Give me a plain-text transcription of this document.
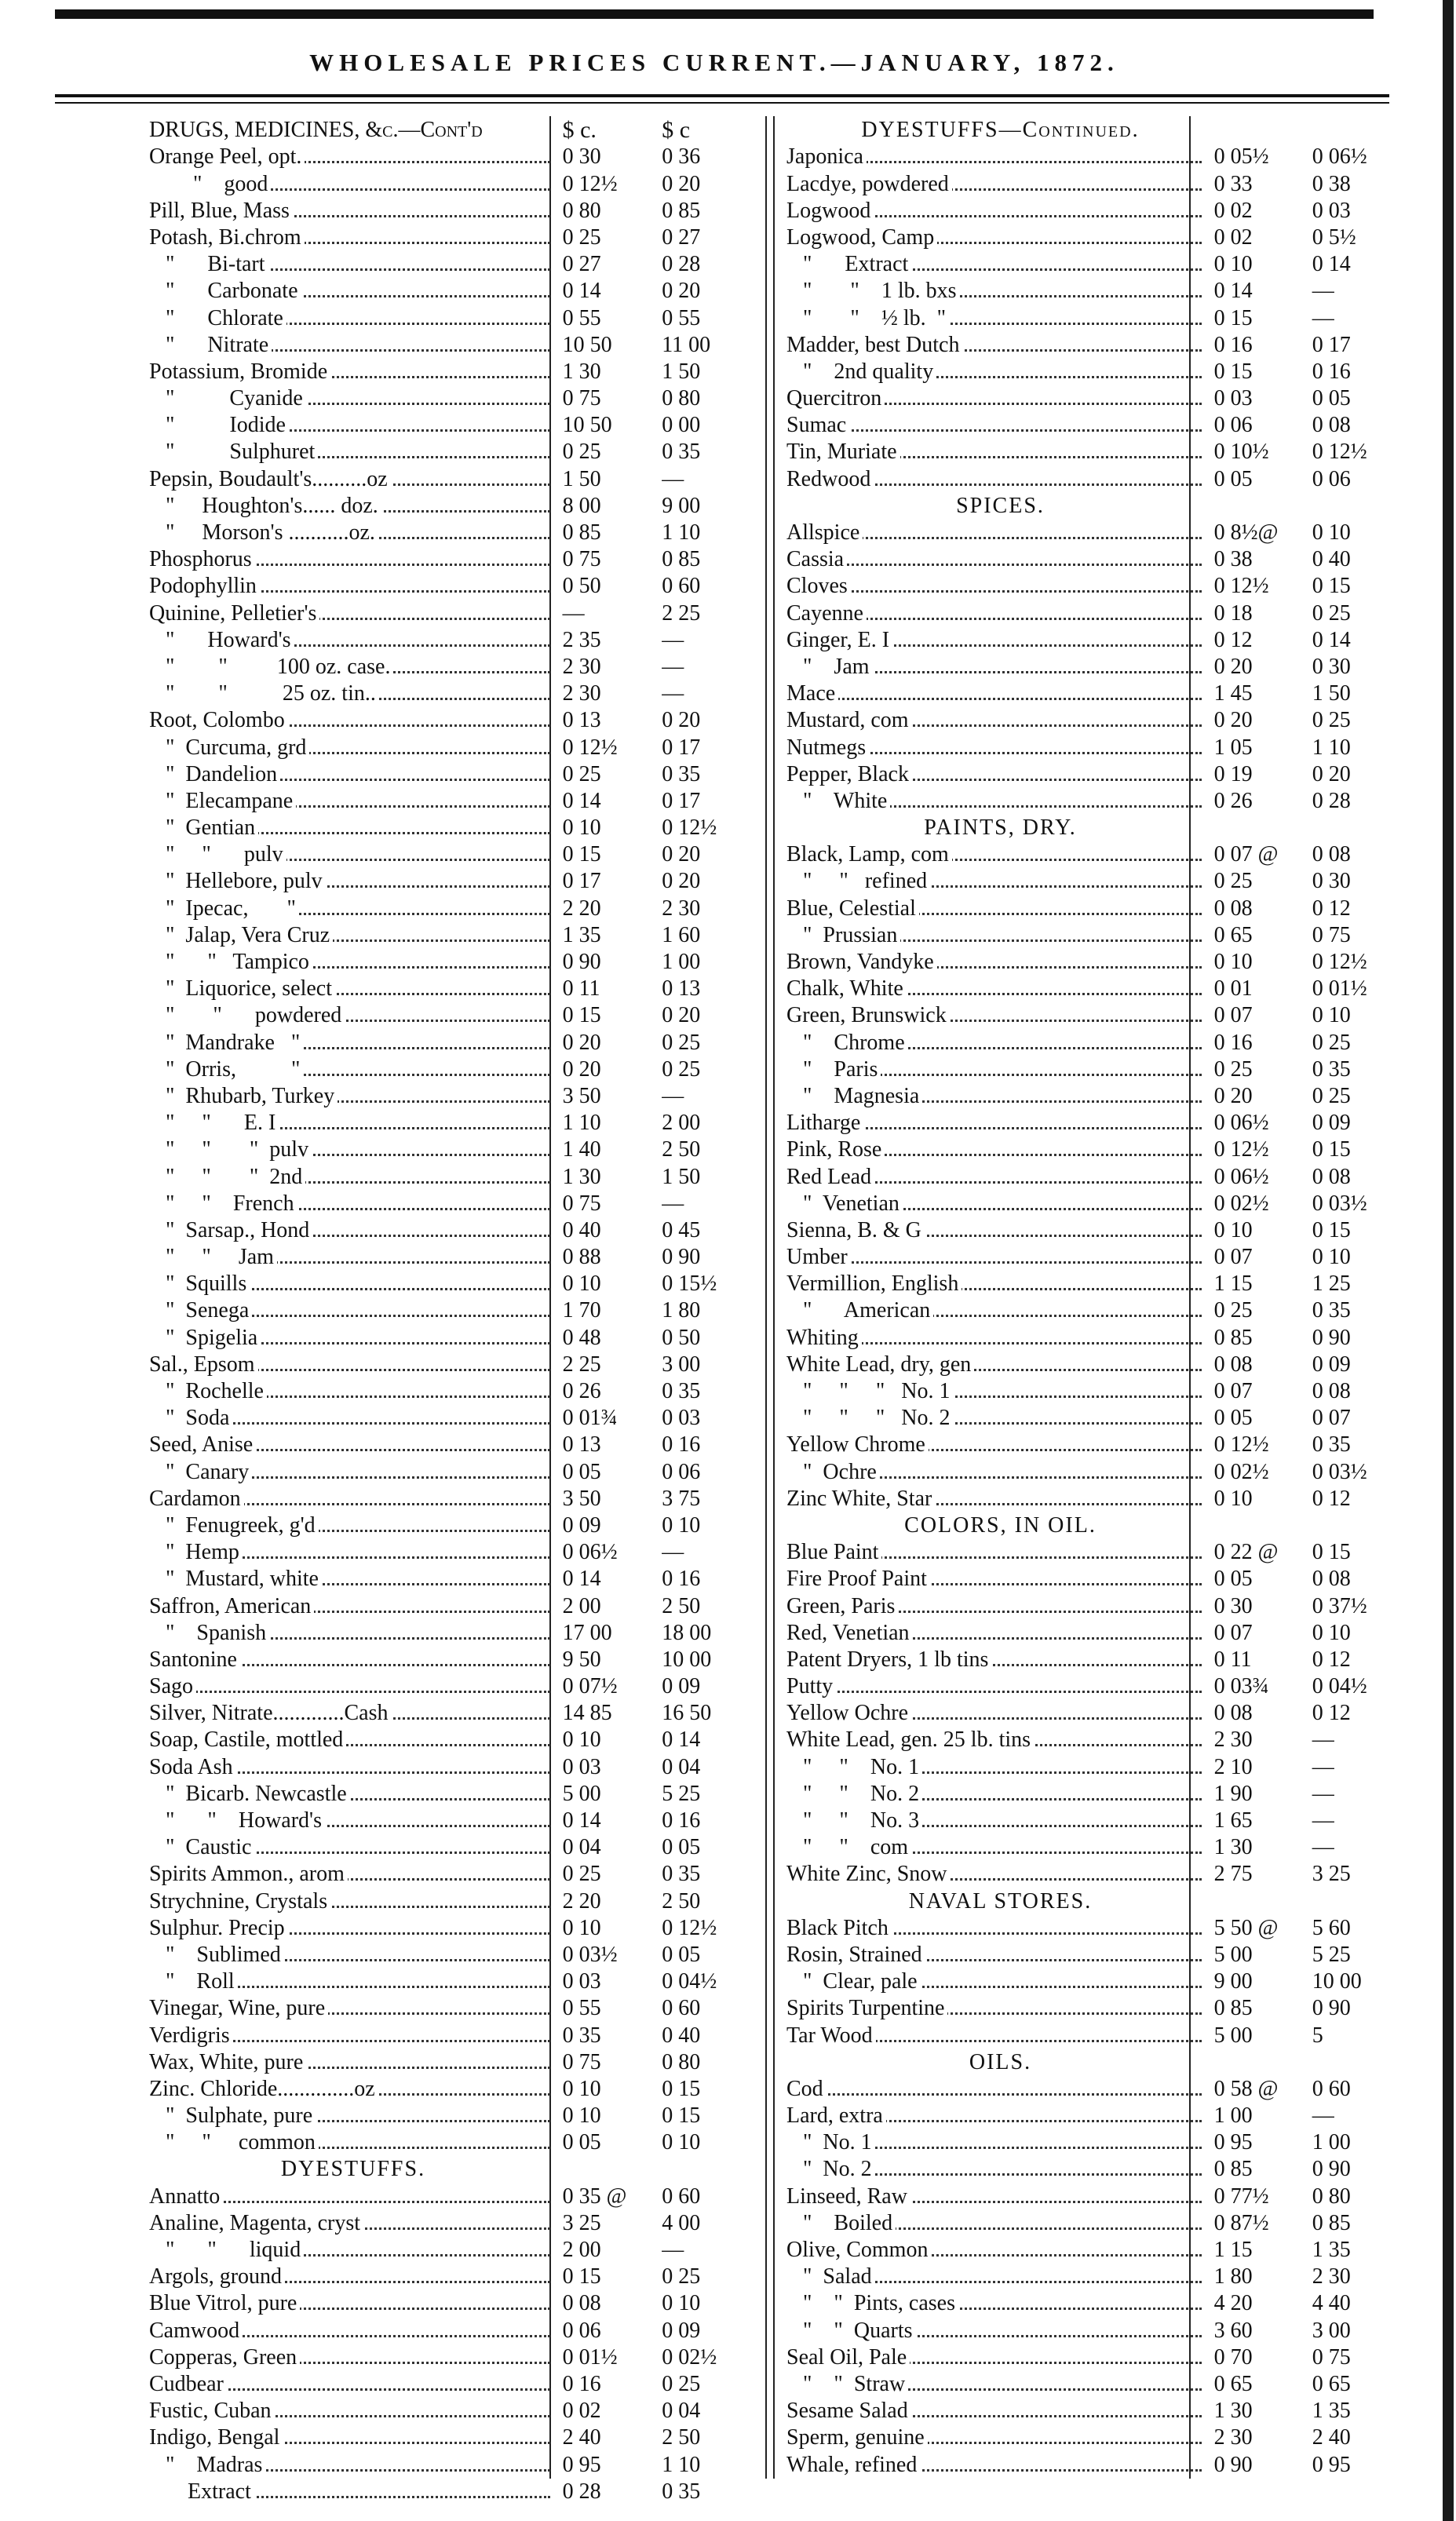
WHOLESALE PRICES CURRENT.—JANUARY, 1872.
DRUGS, MEDICINES, &c.—Cont'd	$ c.	$ c
Orange Peel, opt.	0 30	0 36
"    good	0 12½	0 20
Pill, Blue, Mass	0 80	0 85
Potash, Bi.chrom	0 25	0 27
"      Bi-tart	0 27	0 28
"      Carbonate	0 14	0 20
"      Chlorate	0 55	0 55
"      Nitrate	10 50	11 00
Potassium, Bromide	1 30	1 50
"          Cyanide	0 75	0 80
"          Iodide	10 50	0 00
"          Sulphuret	0 25	0 35
Pepsin, Boudault's..........oz	1 50	—
"     Houghton's...... doz.	8 00	9 00
"     Morson's ...........oz.	0 85	1 10
Phosphorus	0 75	0 85
Podophyllin	0 50	0 60
Quinine, Pelletier's	—	2 25
"      Howard's	2 35	—
"        "         100 oz. case.	2 30	—
"        "          25 oz. tin..	2 30	—
Root, Colombo	0 13	0 20
"  Curcuma, grd	0 12½	0 17
"  Dandelion	0 25	0 35
"  Elecampane	0 14	0 17
"  Gentian	0 10	0 12½
"     "      pulv	0 15	0 20
"  Hellebore, pulv	0 17	0 20
"  Ipecac,       "	2 20	2 30
"  Jalap, Vera Cruz	1 35	1 60
"      "   Tampico	0 90	1 00
"  Liquorice, select	0 11	0 13
"       "      powdered	0 15	0 20
"  Mandrake   "	0 20	0 25
"  Orris,          "	0 20	0 25
"  Rhubarb, Turkey	3 50	—
"     "      E. I	1 10	2 00
"     "       "  pulv	1 40	2 50
"     "       "  2nd	1 30	1 50
"     "    French	0 75	—
"  Sarsap., Hond	0 40	0 45
"     "     Jam	0 88	0 90
"  Squills	0 10	0 15½
"  Senega	1 70	1 80
"  Spigelia	0 48	0 50
Sal., Epsom	2 25	3 00
"  Rochelle	0 26	0 35
"  Soda	0 01¾	0 03
Seed, Anise	0 13	0 16
"  Canary	0 05	0 06
Cardamon	3 50	3 75
"  Fenugreek, g'd	0 09	0 10
"  Hemp	0 06½	—
"  Mustard, white	0 14	0 16
Saffron, American	2 00	2 50
"    Spanish	17 00	18 00
Santonine	9 50	10 00
Sago	0 07½	0 09
Silver, Nitrate.............Cash	14 85	16 50
Soap, Castile, mottled	0 10	0 14
Soda Ash	0 03	0 04
"  Bicarb. Newcastle	5 00	5 25
"      "    Howard's	0 14	0 16
"  Caustic	0 04	0 05
Spirits Ammon., arom	0 25	0 35
Strychnine, Crystals	2 20	2 50
Sulphur. Precip	0 10	0 12½
"    Sublimed	0 03½	0 05
"    Roll	0 03	0 04½
Vinegar, Wine, pure	0 55	0 60
Verdigris	0 35	0 40
Wax, White, pure	0 75	0 80
Zinc. Chloride..............oz	0 10	0 15
"  Sulphate, pure	0 10	0 15
"     "     common	0 05	0 10
DYESTUFFS.
Annatto	0 35 @	0 60
Analine, Magenta, cryst	3 25	4 00
"      "      liquid	2 00	—
Argols, ground	0 15	0 25
Blue Vitrol, pure	0 08	0 10
Camwood	0 06	0 09
Copperas, Green	0 01½	0 02½
Cudbear	0 16	0 25
Fustic, Cuban	0 02	0 04
Indigo, Bengal	2 40	2 50
"    Madras	0 95	1 10
Extract	0 28	0 35
DYESTUFFS—Continued.
Japonica	0 05½	0 06½
Lacdye, powdered	0 33	0 38
Logwood	0 02	0 03
Logwood, Camp	0 02	0 5½
"      Extract	0 10	0 14
"       "    1 lb. bxs	0 14	—
"       "    ½ lb.  "	0 15	—
Madder, best Dutch	0 16	0 17
"    2nd quality	0 15	0 16
Quercitron	0 03	0 05
Sumac	0 06	0 08
Tin, Muriate	0 10½	0 12½
Redwood	0 05	0 06
SPICES.
Allspice	0 8½@	0 10
Cassia	0 38	0 40
Cloves	0 12½	0 15
Cayenne	0 18	0 25
Ginger, E. I	0 12	0 14
"    Jam	0 20	0 30
Mace	1 45	1 50
Mustard, com	0 20	0 25
Nutmegs	1 05	1 10
Pepper, Black	0 19	0 20
"    White	0 26	0 28
PAINTS, DRY.
Black, Lamp, com	0 07 @	0 08
"     "   refined	0 25	0 30
Blue, Celestial	0 08	0 12
"  Prussian	0 65	0 75
Brown, Vandyke	0 10	0 12½
Chalk, White	0 01	0 01½
Green, Brunswick	0 07	0 10
"    Chrome	0 16	0 25
"    Paris	0 25	0 35
"    Magnesia	0 20	0 25
Litharge	0 06½	0 09
Pink, Rose	0 12½	0 15
Red Lead	0 06½	0 08
"  Venetian	0 02½	0 03½
Sienna, B. & G	0 10	0 15
Umber	0 07	0 10
Vermillion, English	1 15	1 25
"      American	0 25	0 35
Whiting	0 85	0 90
White Lead, dry, gen	0 08	0 09
"     "     "   No. 1	0 07	0 08
"     "     "   No. 2	0 05	0 07
Yellow Chrome	0 12½	0 35
"  Ochre	0 02½	0 03½
Zinc White, Star	0 10	0 12
COLORS, IN OIL.
Blue Paint	0 22 @	0 15
Fire Proof Paint	0 05	0 08
Green, Paris	0 30	0 37½
Red, Venetian	0 07	0 10
Patent Dryers, 1 lb tins	0 11	0 12
Putty	0 03¾	0 04½
Yellow Ochre	0 08	0 12
White Lead, gen. 25 lb. tins	2 30	—
"     "    No. 1	2 10	—
"     "    No. 2	1 90	—
"     "    No. 3	1 65	—
"     "    com	1 30	—
White Zinc, Snow	2 75	3 25
NAVAL STORES.
Black Pitch	5 50 @	5 60
Rosin, Strained	5 00	5 25
"  Clear, pale	9 00	10 00
Spirits Turpentine	0 85	0 90
Tar Wood	5 00	5
OILS.
Cod	0 58 @	0 60
Lard, extra	1 00	—
"  No. 1	0 95	1 00
"  No. 2	0 85	0 90
Linseed, Raw	0 77½	0 80
"    Boiled	0 87½	0 85
Olive, Common	1 15	1 35
"  Salad	1 80	2 30
"    "  Pints, cases	4 20	4 40
"    "  Quarts	3 60	3 00
Seal Oil, Pale	0 70	0 75
"    "  Straw	0 65	0 65
Sesame Salad	1 30	1 35
Sperm, genuine	2 30	2 40
Whale, refined	0 90	0 95
